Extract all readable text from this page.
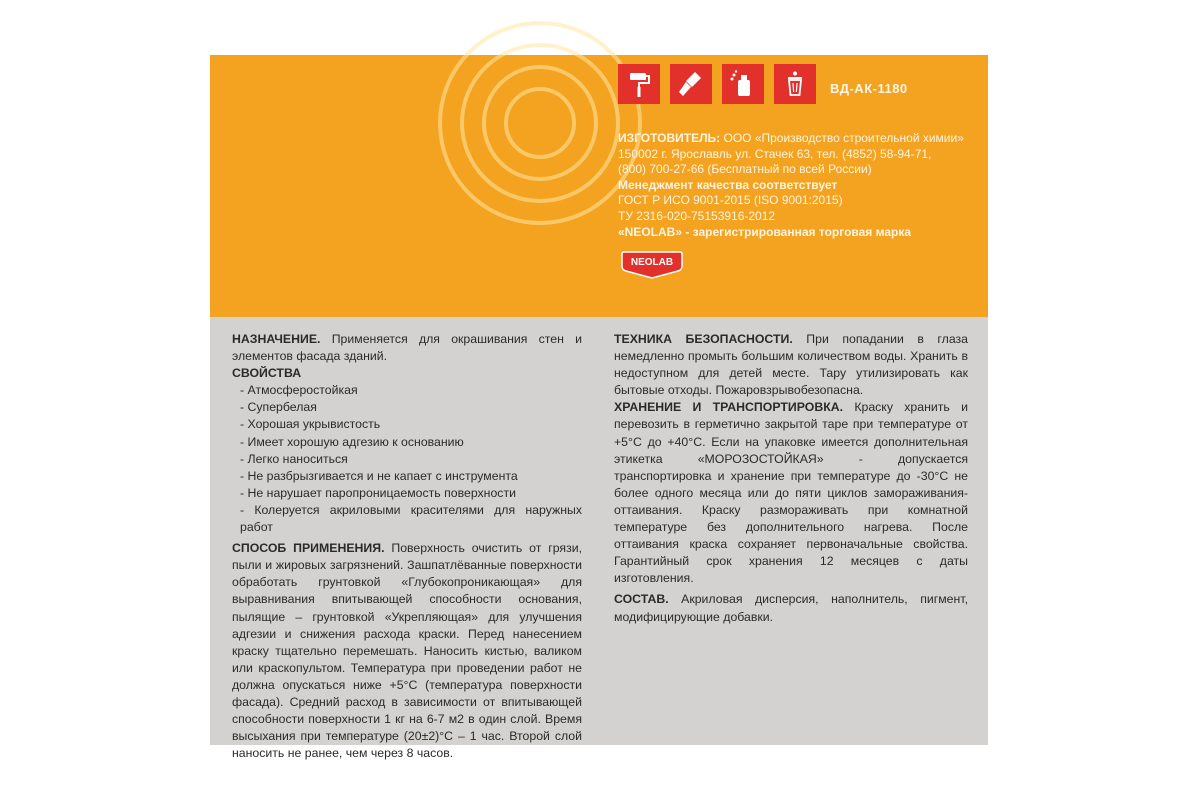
ВД-АК-1180
ИЗГОТОВИТЕЛЬ: ООО «Производство строительной химии»
150002 г. Ярославль ул. Стачек 63, тел. (4852) 58-94-71,
(800) 700-27-66 (Бесплатный по всей России)
Менеджмент качества соответствует
ГОСТ Р ИСО 9001-2015 (ISO 9001:2015)
ТУ 2316-020-75153916-2012
«NEOLAB» - зарегистрированная торговая марка
NEOLAB

НАЗНАЧЕНИЕ. Применяется для окрашивания стен и элементов фасада зданий.

СВОЙСТВА

- Атмосферостойкая
- Супербелая
- Хорошая укрывистость
- Имеет хорошую адгезию к основанию
- Легко наноситься
- Не разбрызгивается и не капает с инструмента
- Не нарушает паропроницаемость поверхности
- Колеруется акриловыми красителями для наружных работ

СПОСОБ ПРИМЕНЕНИЯ. Поверхность очистить от грязи, пыли и жировых загрязнений. Зашпатлёванные поверхности обработать грунтовкой «Глубокопроникающая» для выравнивания впитывающей способности основания, пылящие – грунтовкой «Укрепляющая» для улучшения адгезии и снижения расхода краски. Перед нанесением краску тщательно перемешать. Наносить кистью, валиком или краскопультом. Температура при проведении работ не должна опускаться ниже +5°С (температура поверхности фасада). Средний расход в зависимости от впитывающей способности поверхности 1 кг на 6-7 м2 в один слой. Время высыхания при температуре (20±2)°С – 1 час. Второй слой наносить не ранее, чем через 8 часов.

ТЕХНИКА БЕЗОПАСНОСТИ. При попадании в глаза немедленно промыть большим количеством воды. Хранить в недоступном для детей месте. Тару утилизировать как бытовые отходы. Пожаровзрывобезопасна.

ХРАНЕНИЕ И ТРАНСПОРТИРОВКА. Краску хранить и перевозить в герметично закрытой таре при температуре от +5°С до +40°С. Если на упаковке имеется дополнительная этикетка «МОРОЗОСТОЙКАЯ» - допускается транспортировка и хранение при температуре до -30°С не более одного месяца или до пяти циклов замораживания-оттаивания. Краску размораживать при комнатной температуре без дополнительного нагрева. После оттаивания краска сохраняет первоначальные свойства. Гарантийный срок хранения 12 месяцев с даты изготовления.

СОСТАВ. Акриловая дисперсия, наполнитель, пигмент, модифицирующие добавки.
